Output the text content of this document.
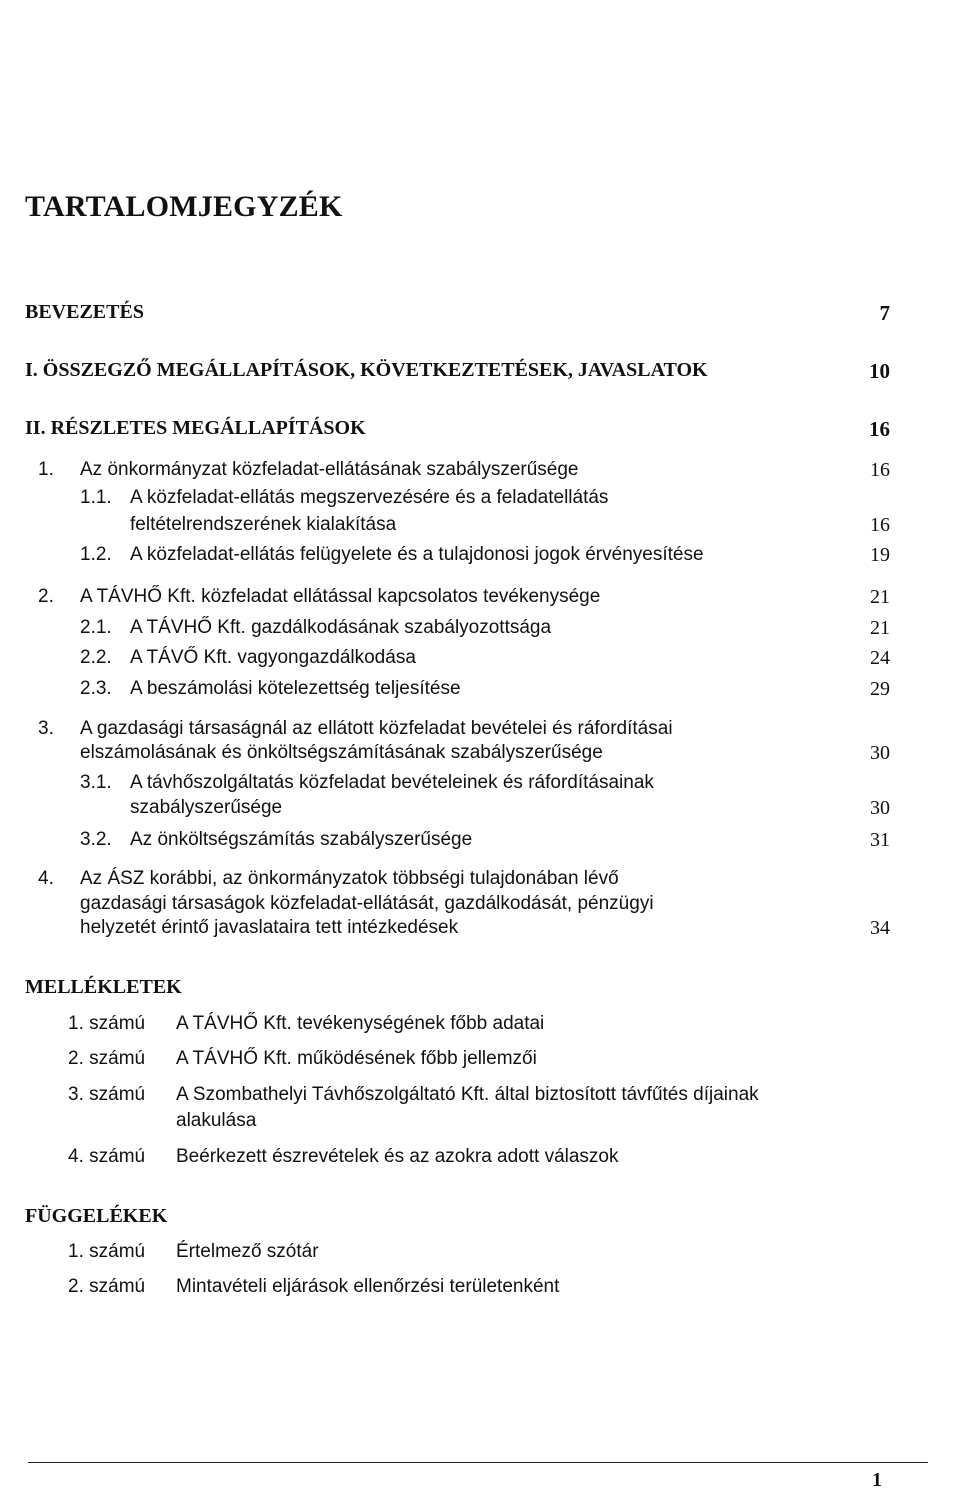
TARTALOMJEGYZÉK
BEVEZETÉS	7
I. ÖSSZEGZŐ MEGÁLLAPÍTÁSOK, KÖVETKEZTETÉSEK, JAVASLATOK	10
II. RÉSZLETES MEGÁLLAPÍTÁSOK	16
1. Az önkormányzat közfeladat-ellátásának szabályszerűsége	16
1.1. A közfeladat-ellátás megszervezésére és a feladatellátás
feltételrendszerének kialakítása	16
1.2. A közfeladat-ellátás felügyelete és a tulajdonosi jogok érvényesítése	19
2. A TÁVHŐ Kft. közfeladat ellátással kapcsolatos tevékenysége	21
2.1. A TÁVHŐ Kft. gazdálkodásának szabályozottsága	21
2.2. A TÁVŐ Kft. vagyongazdálkodása	24
2.3. A beszámolási kötelezettség teljesítése	29
3. A gazdasági társaságnál az ellátott közfeladat bevételei és ráfordításai
elszámolásának és önköltségszámításának szabályszerűsége	30
3.1. A távhőszolgáltatás közfeladat bevételeinek és ráfordításainak
szabályszerűsége	30
3.2. Az önköltségszámítás szabályszerűsége	31
4. Az ÁSZ korábbi, az önkormányzatok többségi tulajdonában lévő
gazdasági társaságok közfeladat-ellátását, gazdálkodását, pénzügyi
helyzetét érintő javaslataira tett intézkedések	34
MELLÉKLETEK
1. számú A TÁVHŐ Kft. tevékenységének főbb adatai
2. számú A TÁVHŐ Kft. működésének főbb jellemzői
3. számú A Szombathelyi Távhőszolgáltató Kft. által biztosított távfűtés díjainak
alakulása
4. számú Beérkezett észrevételek és az azokra adott válaszok
FÜGGELÉKEK
1. számú Értelmező szótár
2. számú Mintavételi eljárások ellenőrzési területenként
1
